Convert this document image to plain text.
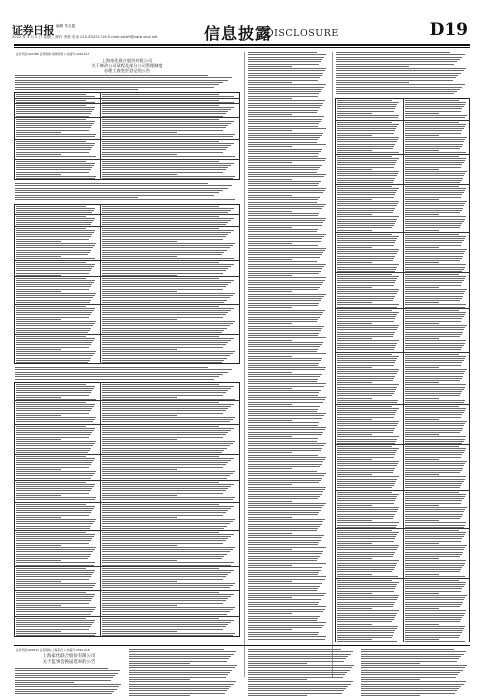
证券日报 编辑 朱玉霞
2022 年 3 月 2 日 星期三 制作 李波 电话 010-83251716 E-mail:zqrb9@zqrb.sina.net	信息披露
DISCLOSURE	D19
证券代码:601388 证券简称:怡球资源 公告编号:2022-017
上海家化联合股份有限公司
关于修改公司章程及部分公司管理制度
办理工商变更登记的公告
证券代码:600315 证券简称:上海家化 公告编号:2022-018
上海家化联合股份有限公司
关于监事会换届选举的公告
